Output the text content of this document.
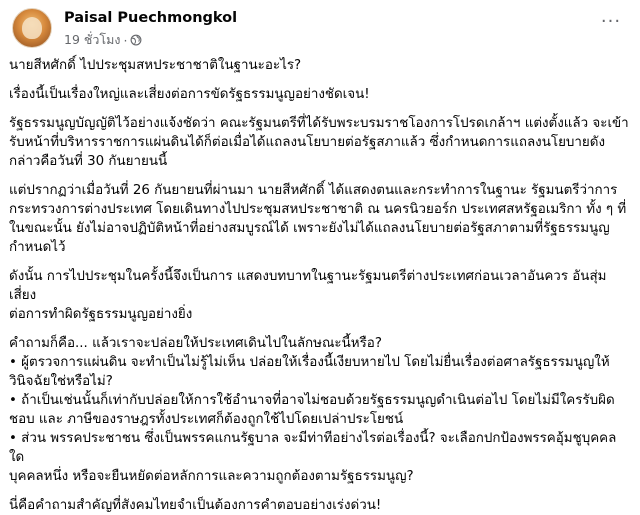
Paisal Puechmongkol
19 ชั่วโมง ·
···

นายสีหศักดิ์ ไปประชุมสหประชาชาติในฐานะอะไร?

เรื่องนี้เป็นเรื่องใหญ่และเสี่ยงต่อการขัดรัฐธรรมนูญอย่างชัดเจน!

รัฐธรรมนูญบัญญัติไว้อย่างแจ้งชัดว่า คณะรัฐมนตรีที่ได้รับพระบรมราชโองการโปรดเกล้าฯ แต่งตั้งแล้ว จะเข้า

รับหน้าที่บริหารราชการแผ่นดินได้ก็ต่อเมื่อได้แถลงนโยบายต่อรัฐสภาแล้ว ซึ่งกำหนดการแถลงนโยบายดัง

กล่าวคือวันที่ 30 กันยายนนี้

แต่ปรากฏว่าเมื่อวันที่ 26 กันยายนที่ผ่านมา นายสีหศักดิ์ ได้แสดงตนและกระทำการในฐานะ รัฐมนตรีว่าการ

กระทรวงการต่างประเทศ โดยเดินทางไปประชุมสหประชาชาติ ณ นครนิวยอร์ก ประเทศสหรัฐอเมริกา ทั้ง ๆ ที่

ในขณะนั้น ยังไม่อาจปฏิบัติหน้าที่อย่างสมบูรณ์ได้ เพราะยังไม่ได้แถลงนโยบายต่อรัฐสภาตามที่รัฐธรรมนูญ

กำหนดไว้

ดังนั้น การไปประชุมในครั้งนี้จึงเป็นการ แสดงบทบาทในฐานะรัฐมนตรีต่างประเทศก่อนเวลาอันควร อันสุ่มเสี่ยง

ต่อการทำผิดรัฐธรรมนูญอย่างยิ่ง

คำถามก็คือ... แล้วเราจะปล่อยให้ประเทศเดินไปในลักษณะนี้หรือ?

• ผู้ตรวจการแผ่นดิน จะทำเป็นไม่รู้ไม่เห็น ปล่อยให้เรื่องนี้เงียบหายไป โดยไม่ยื่นเรื่องต่อศาลรัฐธรรมนูญให้

วินิจฉัยใช่หรือไม่?

• ถ้าเป็นเช่นนั้นก็เท่ากับปล่อยให้การใช้อำนาจที่อาจไม่ชอบด้วยรัฐธรรมนูญดำเนินต่อไป โดยไม่มีใครรับผิด

ชอบ และ ภาษีของราษฎรทั้งประเทศก็ต้องถูกใช้ไปโดยเปล่าประโยชน์

• ส่วน พรรคประชาชน ซึ่งเป็นพรรคแกนรัฐบาล จะมีท่าทีอย่างไรต่อเรื่องนี้? จะเลือกปกป้องพรรคอุ้มชูบุคคลใด

บุคคลหนึ่ง หรือจะยืนหยัดต่อหลักการและความถูกต้องตามรัฐธรรมนูญ?

นี่คือคำถามสำคัญที่สังคมไทยจำเป็นต้องการคำตอบอย่างเร่งด่วน!
